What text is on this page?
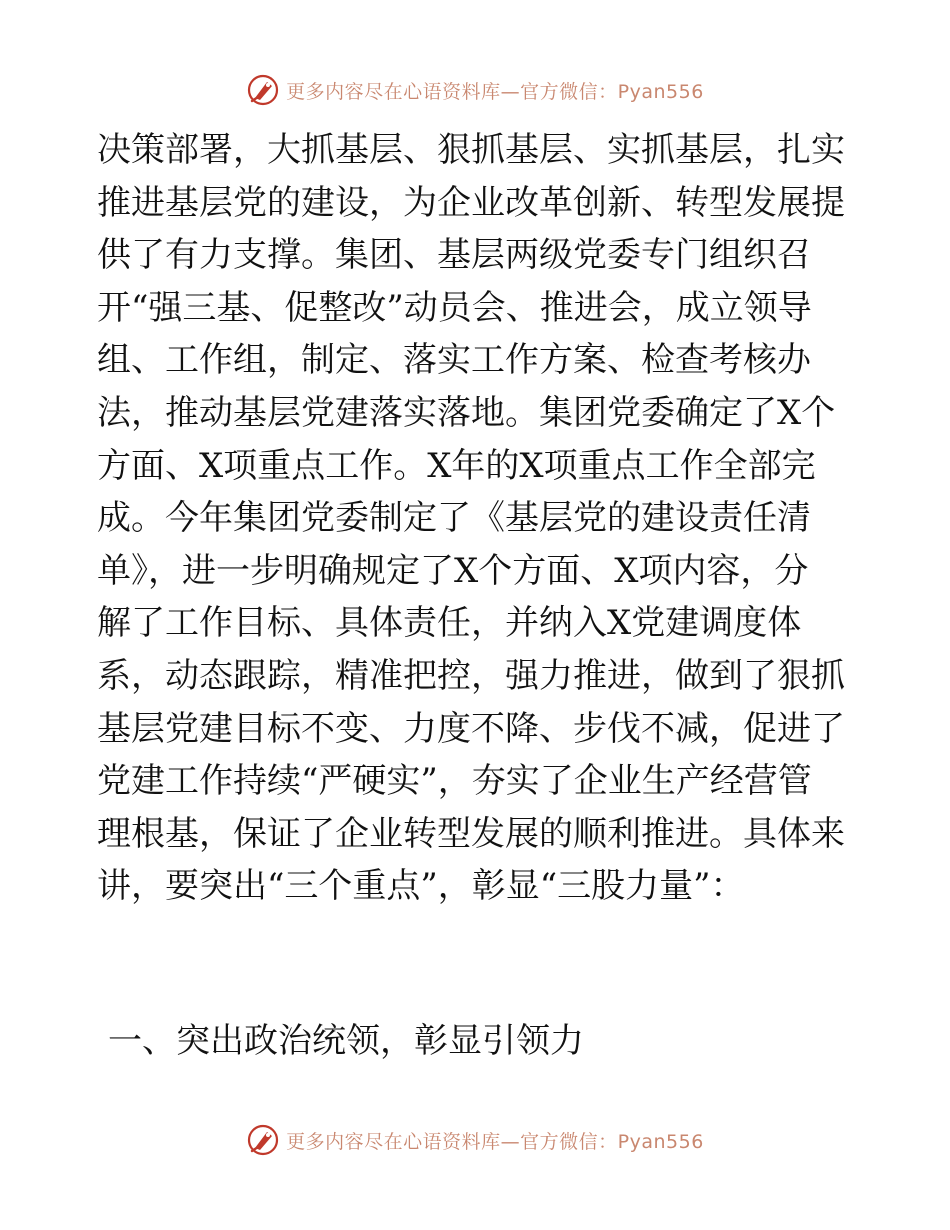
更多内容尽在心语资料库—官方微信：Pyan556
决策部署，大抓基层、狠抓基层、实抓基层，扎实
推进基层党的建设，为企业改革创新、转型发展提
供了有力支撑。集团、基层两级党委专门组织召
开“强三基、促整改”动员会、推进会，成立领导
组、工作组，制定、落实工作方案、检查考核办
法，推动基层党建落实落地。集团党委确定了X个
方面、X项重点工作。X年的X项重点工作全部完
成。今年集团党委制定了《基层党的建设责任清
单》，进一步明确规定了X个方面、X项内容，分
解了工作目标、具体责任，并纳入X党建调度体
系，动态跟踪，精准把控，强力推进，做到了狠抓
基层党建目标不变、力度不降、步伐不减，促进了
党建工作持续“严硬实”，夯实了企业生产经营管
理根基，保证了企业转型发展的顺利推进。具体来
讲，要突出“三个重点”，彰显“三股力量”：
一、突出政治统领，彰显引领力
更多内容尽在心语资料库—官方微信：Pyan556
